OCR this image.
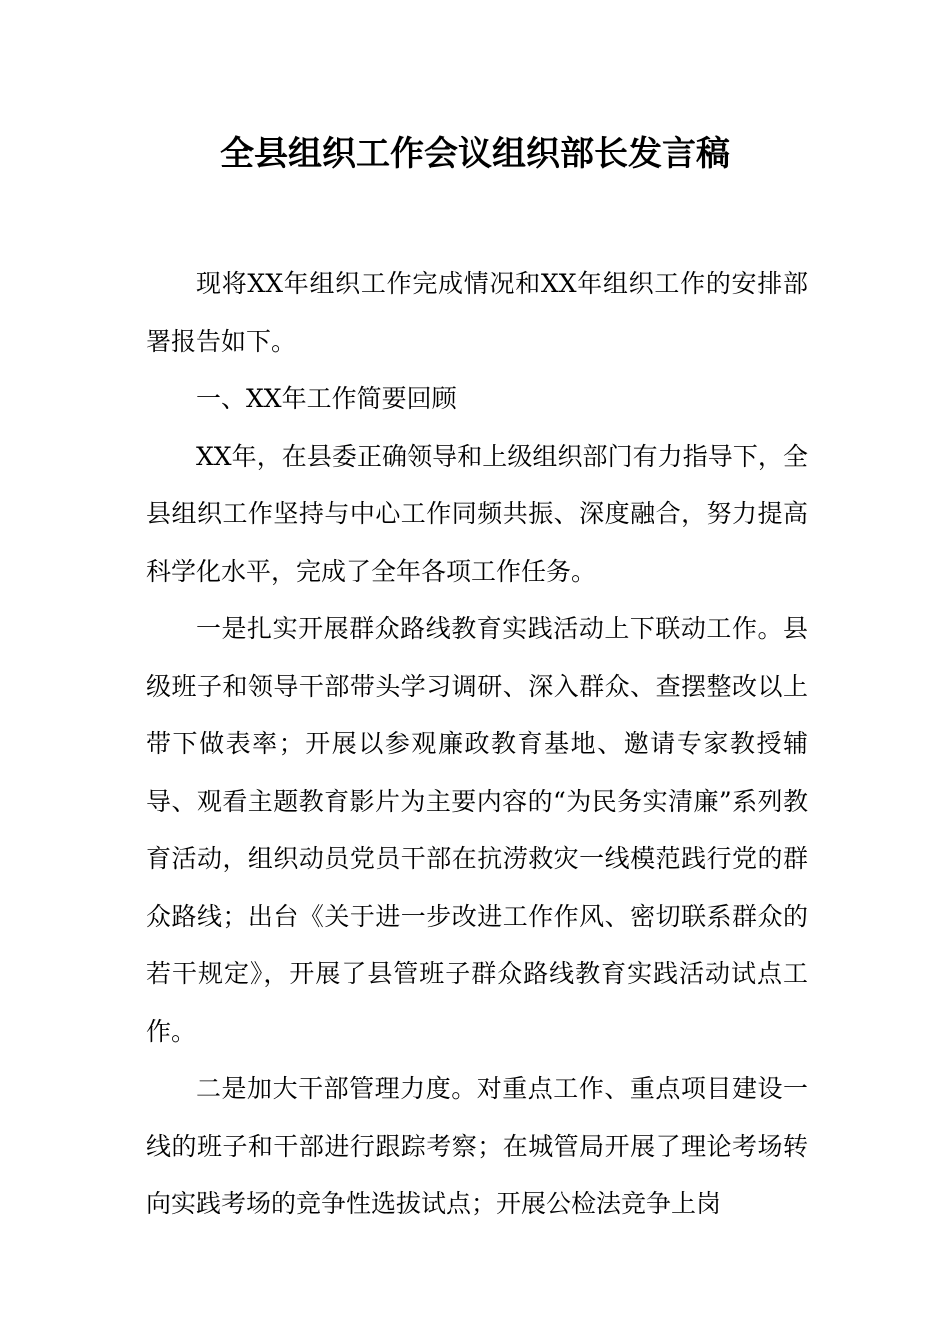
全县组织工作会议组织部长发言稿

现将XX年组织工作完成情况和XX年组织工作的安排部署报告如下。

一、XX年工作简要回顾

XX年，在县委正确领导和上级组织部门有力指导下，全县组织工作坚持与中心工作同频共振、深度融合，努力提高科学化水平，完成了全年各项工作任务。

一是扎实开展群众路线教育实践活动上下联动工作。县级班子和领导干部带头学习调研、深入群众、查摆整改以上带下做表率；开展以参观廉政教育基地、邀请专家教授辅导、观看主题教育影片为主要内容的“为民务实清廉”系列教育活动，组织动员党员干部在抗涝救灾一线模范践行党的群众路线；出台《关于进一步改进工作作风、密切联系群众的若干规定》，开展了县管班子群众路线教育实践活动试点工作。

二是加大干部管理力度。对重点工作、重点项目建设一线的班子和干部进行跟踪考察；在城管局开展了理论考场转向实践考场的竞争性选拔试点；开展公检法竞争上岗
